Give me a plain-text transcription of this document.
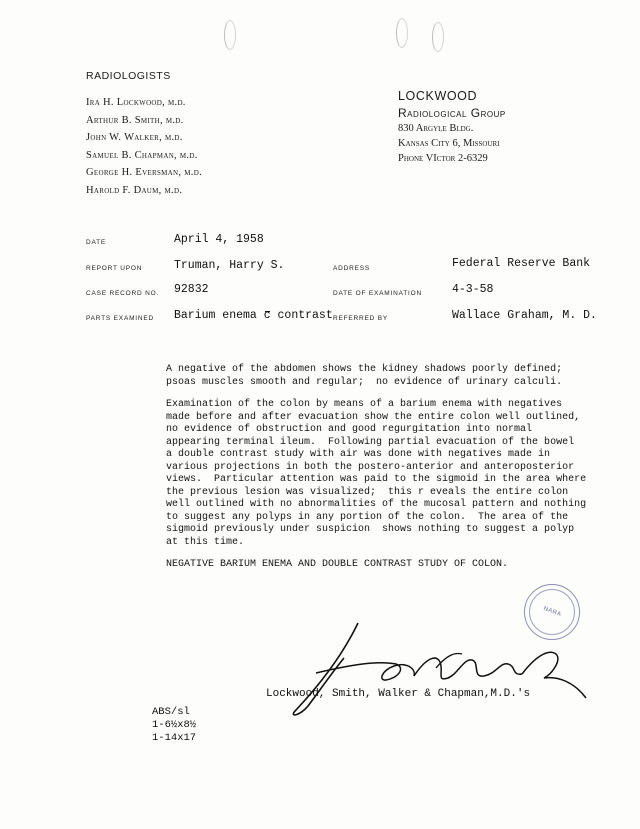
RADIOLOGISTS
Ira H. Lockwood, m.d.
Arthur B. Smith, m.d.
John W. Walker, m.d.
Samuel B. Chapman, m.d.
George H. Eversman, m.d.
Harold F. Daum, m.d.
LOCKWOOD
Radiological Group
830 Argyle Bldg.
Kansas City 6, Missouri
Phone VIctor 2-6329
DATE	April 4, 1958
REPORT UPON	Truman, Harry S.	ADDRESS	Federal Reserve Bank
CASE RECORD NO. 92832	DATE OF EXAMINATION	4-3-58
PARTS EXAMINED Barium enema c contrast REFERRED BY	Wallace Graham, M. D.

A negative of the abdomen shows the kidney shadows poorly defined;
psoas muscles smooth and regular;  no evidence of urinary calculi.

Examination of the colon by means of a barium enema with negatives
made before and after evacuation show the entire colon well outlined,
no evidence of obstruction and good regurgitation into normal
appearing terminal ileum.  Following partial evacuation of the bowel
a double contrast study with air was done with negatives made in
various projections in both the postero-anterior and anteroposterior
views.  Particular attention was paid to the sigmoid in the area where
the previous lesion was visualized;  this r eveals the entire colon
well outlined with no abnormalities of the mucosal pattern and nothing
to suggest any polyps in any portion of the colon.  The area of the
sigmoid previously under suspicion  shows nothing to suggest a polyp
at this time.

NEGATIVE BARIUM ENEMA AND DOUBLE CONTRAST STUDY OF COLON.

NARA
Lockwood, Smith, Walker & Chapman,M.D.'s
ABS/sl
1-6½x8½
1-14x17
